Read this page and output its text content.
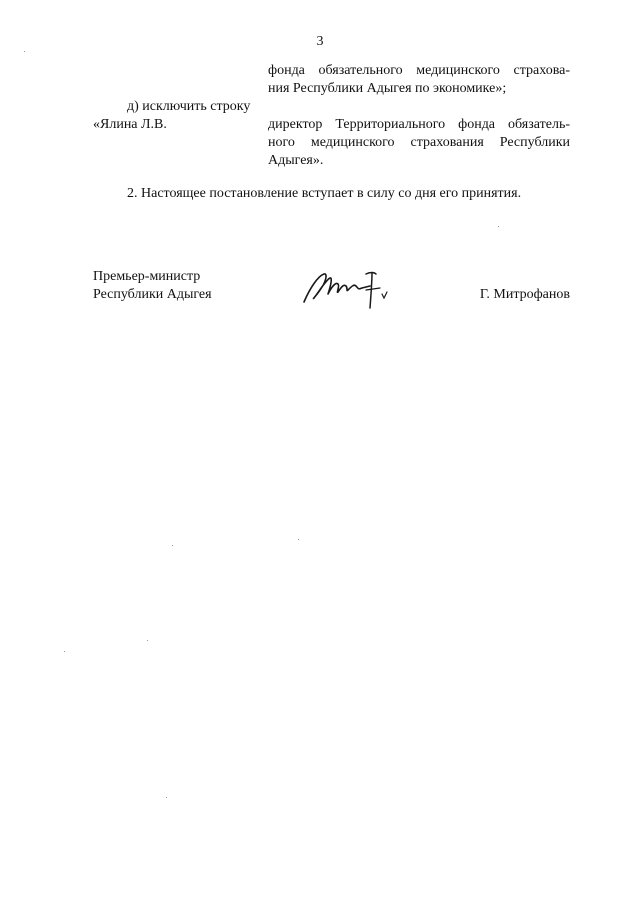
3
фонда обязательного медицинского страхова-
ния Республики Адыгея по экономике»;
д) исключить строку
«Ялина Л.В.	директор Территориального фонда обязатель-
ного медицинского страхования Республики
Адыгея».
2. Настоящее постановление вступает в силу со дня его принятия.
Премьер-министр
Республики Адыгея	Г. Митрофанов
